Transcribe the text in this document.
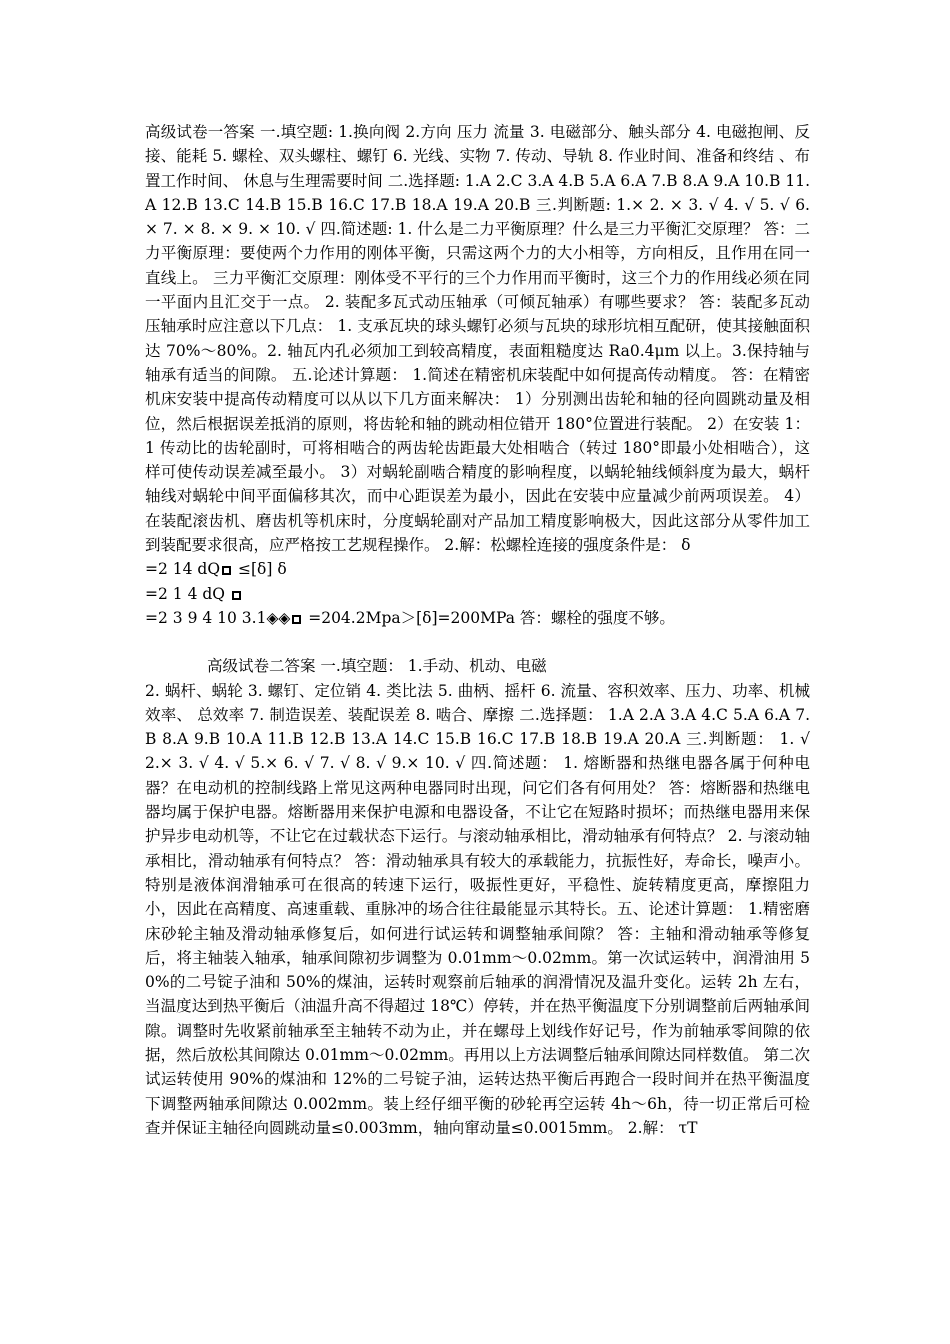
高级试卷一答案 一.填空题: 1.换向阀 2.方向 压力 流量 3. 电磁部分、触头部分 4. 电磁抱闸、反接、能耗 5. 螺栓、双头螺柱、螺钉 6. 光线、实物 7. 传动、导轨 8. 作业时间、准备和终结 、布置工作时间、 休息与生理需要时间 二.选择题: 1.A 2.C 3.A 4.B 5.A 6.A 7.B 8.A 9.A 10.B 11.A 12.B 13.C 14.B 15.B 16.C 17.B 18.A 19.A 20.B 三.判断题: 1.× 2. × 3. √ 4. √ 5. √ 6. × 7. × 8. × 9. × 10. √ 四.简述题: 1. 什么是二力平衡原理？什么是三力平衡汇交原理？ 答：二力平衡原理：要使两个力作用的刚体平衡，只需这两个力的大小相等，方向相反，且作用在同一直线上。 三力平衡汇交原理：刚体受不平行的三个力作用而平衡时，这三个力的作用线必须在同一平面内且汇交于一点。 2. 装配多瓦式动压轴承（可倾瓦轴承）有哪些要求？ 答：装配多瓦动压轴承时应注意以下几点： 1. 支承瓦块的球头螺钉必须与瓦块的球形坑相互配研，使其接触面积达 70%～80%。2. 轴瓦内孔必须加工到较高精度，表面粗糙度达 Ra0.4μm 以上。3.保持轴与轴承有适当的间隙。 五.论述计算题： 1.简述在精密机床装配中如何提高传动精度。 答：在精密机床安装中提高传动精度可以从以下几方面来解决： 1）分别测出齿轮和轴的径向圆跳动量及相位，然后根据误差抵消的原则，将齿轮和轴的跳动相位错开 180°位置进行装配。 2）在安装 1：1 传动比的齿轮副时，可将相啮合的两齿轮齿距最大处相啮合（转过 180°即最小处相啮合），这样可使传动误差减至最小。 3）对蜗轮副啮合精度的影响程度，以蜗轮轴线倾斜度为最大，蜗杆轴线对蜗轮中间平面偏移其次，而中心距误差为最小，因此在安装中应量减少前两项误差。 4）在装配滚齿机、磨齿机等机床时，分度蜗轮副对产品加工精度影响极大，因此这部分从零件加工到装配要求很高，应严格按工艺规程操作。 2.解：松螺栓连接的强度条件是： δ

=2 14 dQ ≤[δ] δ

=2 1 4 dQ

=2 3 9 4 10 3.1◈◈ =204.2Mpa＞[δ]=200MPa 答：螺栓的强度不够。

高级试卷二答案 一.填空题： 1.手动、机动、电磁

2. 蜗杆、蜗轮 3. 螺钉、定位销 4. 类比法 5. 曲柄、摇杆 6. 流量、容积效率、压力、功率、机械效率、 总效率 7. 制造误差、装配误差 8. 啮合、摩擦 二.选择题： 1.A 2.A 3.A 4.C 5.A 6.A 7.B 8.A 9.B 10.A 11.B 12.B 13.A 14.C 15.B 16.C 17.B 18.B 19.A 20.A 三.判断题： 1. √ 2.× 3. √ 4. √ 5.× 6. √ 7. √ 8. √ 9.× 10. √ 四.简述题： 1. 熔断器和热继电器各属于何种电器？在电动机的控制线路上常见这两种电器同时出现，问它们各有何用处？ 答：熔断器和热继电器均属于保护电器。熔断器用来保护电源和电器设备，不让它在短路时损坏；而热继电器用来保护异步电动机等，不让它在过载状态下运行。与滚动轴承相比，滑动轴承有何特点？ 2. 与滚动轴承相比，滑动轴承有何特点？ 答：滑动轴承具有较大的承载能力，抗振性好，寿命长，噪声小。特别是液体润滑轴承可在很高的转速下运行，吸振性更好，平稳性、旋转精度更高，摩擦阻力小，因此在高精度、高速重载、重脉冲的场合往往最能显示其特长。五、论述计算题： 1.精密磨床砂轮主轴及滑动轴承修复后，如何进行试运转和调整轴承间隙？ 答：主轴和滑动轴承等修复后，将主轴装入轴承，轴承间隙初步调整为 0.01mm～0.02mm。第一次试运转中，润滑油用 50%的二号锭子油和 50%的煤油，运转时观察前后轴承的润滑情况及温升变化。运转 2h 左右，当温度达到热平衡后（油温升高不得超过 18℃）停转，并在热平衡温度下分别调整前后两轴承间隙。调整时先收紧前轴承至主轴转不动为止，并在螺母上划线作好记号，作为前轴承零间隙的依据，然后放松其间隙达 0.01mm～0.02mm。再用以上方法调整后轴承间隙达同样数值。 第二次试运转使用 90%的煤油和 12%的二号锭子油，运转达热平衡后再跑合一段时间并在热平衡温度下调整两轴承间隙达 0.002mm。装上经仔细平衡的砂轮再空运转 4h～6h，待一切正常后可检查并保证主轴径向圆跳动量≤0.003mm，轴向窜动量≤0.0015mm。 2.解： τT
